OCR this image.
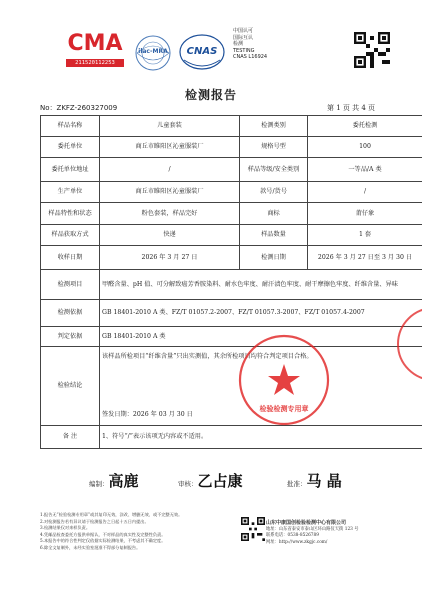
CMA
211520112253
ilac-MRA	CNAS
中国认可
国际互认
检测
TESTING
CNAS L16924
检测报告
No：ZKFZ-260327009	第 1 页 共 4 页
样品名称	儿童套装	检测类别	委托检测
委托单位	商丘市睢阳区沁童服装厂	规格号型	100
委托单位地址	/	样品等级/安全类别	一等品/A 类
生产单位	商丘市睢阳区沁童服装厂	款号/货号	/
样品特性和状态	粉色套装，样品完好	商标	莆仔象
样品获取方式	快递	样品数量	1 套
收样日期	2026 年 3 月 27 日	检测日期	2026 年 3 月 27 日至 3 月 30 日
检测项目	甲醛含量、pH 值、可分解致癌芳香胺染料、耐水色牢度、耐汗渍色牢度、耐干摩擦色牢度、纤维含量、异味		
检测依据	GB 18401-2010 A 类、FZ/T 01057.2-2007、FZ/T 01057.3-2007、FZ/T 01057.4-2007		
判定依据	GB 18401-2010 A 类		
检验结论	该样品所检项目“纤维含量”只出实测值，其余所检项目均符合判定项目合格。
签发日期：2026 年 03 月 30 日		

备 注	1、符号“/”表示该项无内容或不适用。		
检验检测专用章
编制：高鹿	审核：乙占康	批准：马 晶
1.报告无“检验检测专用章”或其复印无效，涂改、增删无效、或不完整无效。
2.对检测报告若有异议请于检测报告之日起十五日内提出。
3.检测结果仅对来样负责。
4.凭邮品检查委托方报供单据认，不对样品的真实性及完整性负责。
5.本报告中的符合性判定仅依据实际检测结果，不考虑其不确定度。
6.除全文复制外，未经实验室批准不得部分复制报告。
山东中康国创检验检测中心有限公司
地址：山东省泰安市泰山区环山路仪天街 123 号
联系电话：0538-8526789
网址：http://www.zkgjc.com/
